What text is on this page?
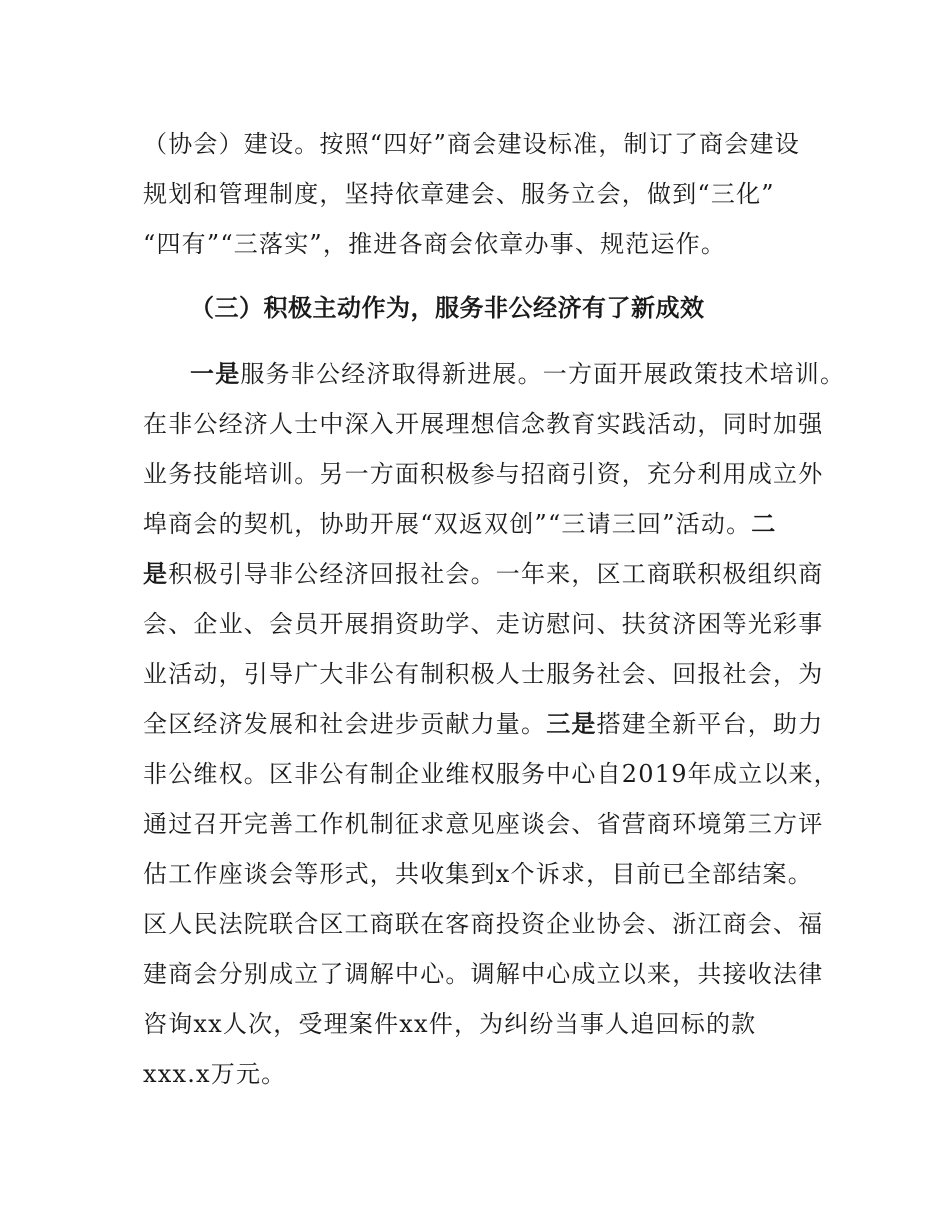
（协会）建设。按照“四好”商会建设标准，制订了商会建设
规划和管理制度，坚持依章建会、服务立会，做到“三化”
“四有”“三落实”，推进各商会依章办事、规范运作。
（三）积极主动作为，服务非公经济有了新成效
一是服务非公经济取得新进展。一方面开展政策技术培训。
在非公经济人士中深入开展理想信念教育实践活动，同时加强
业务技能培训。另一方面积极参与招商引资，充分利用成立外
埠商会的契机，协助开展“双返双创”“三请三回”活动。二
是积极引导非公经济回报社会。一年来，区工商联积极组织商
会、企业、会员开展捐资助学、走访慰问、扶贫济困等光彩事
业活动，引导广大非公有制积极人士服务社会、回报社会，为
全区经济发展和社会进步贡献力量。三是搭建全新平台，助力
非公维权。区非公有制企业维权服务中心自2019年成立以来，
通过召开完善工作机制征求意见座谈会、省营商环境第三方评
估工作座谈会等形式，共收集到x个诉求，目前已全部结案。
区人民法院联合区工商联在客商投资企业协会、浙江商会、福
建商会分别成立了调解中心。调解中心成立以来，共接收法律
咨询xx人次，受理案件xx件，为纠纷当事人追回标的款
xxx.x万元。
